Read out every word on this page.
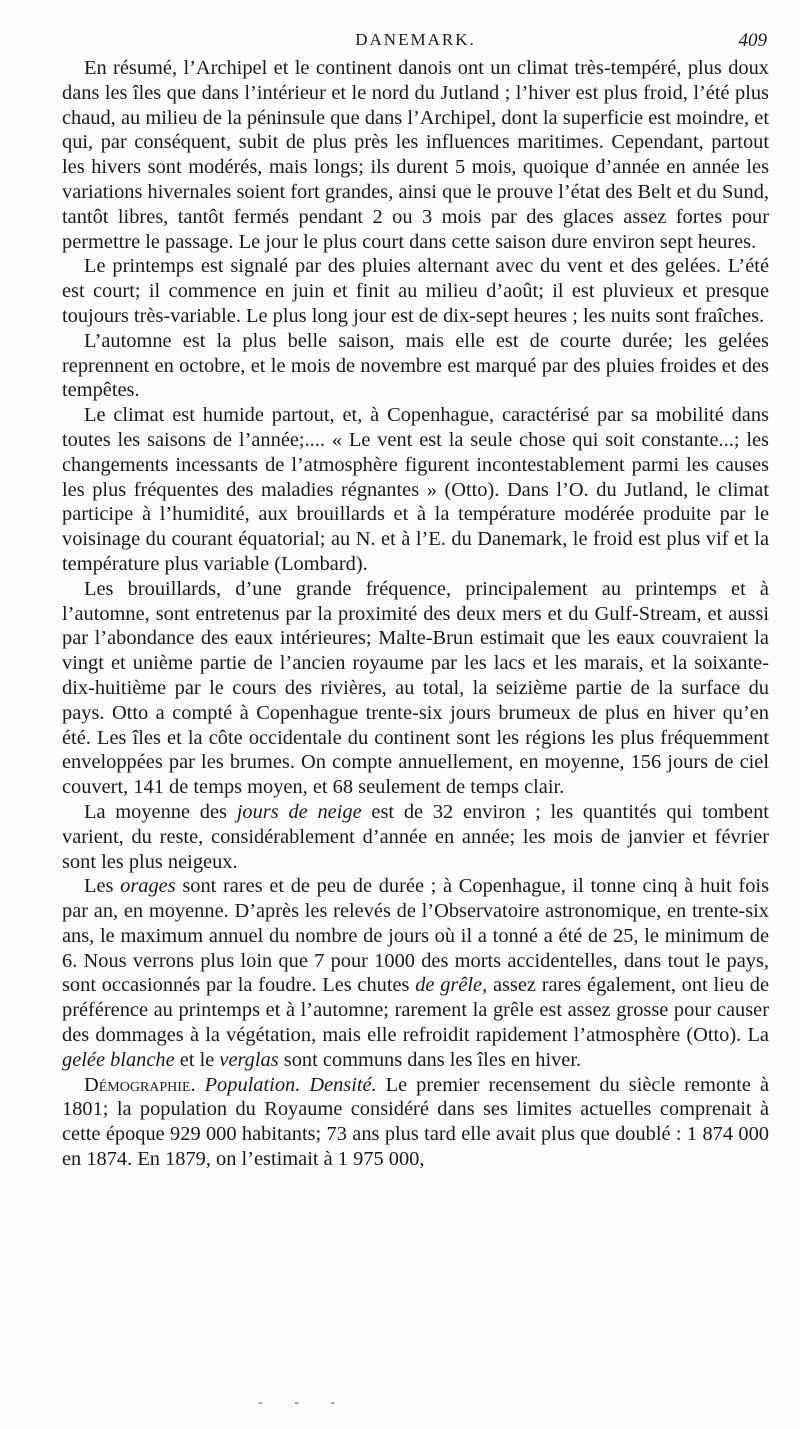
DANEMARK.	409

En résumé, l’Archipel et le continent danois ont un climat très-tempéré, plus doux dans les îles que dans l’intérieur et le nord du Jutland ; l’hiver est plus froid, l’été plus chaud, au milieu de la péninsule que dans l’Archipel, dont la superficie est moindre, et qui, par conséquent, subit de plus près les influences maritimes. Cependant, partout les hivers sont modérés, mais longs; ils durent 5 mois, quoique d’année en année les variations hivernales soient fort grandes, ainsi que le prouve l’état des Belt et du Sund, tantôt libres, tantôt fermés pendant 2 ou 3 mois par des glaces assez fortes pour permettre le passage. Le jour le plus court dans cette saison dure environ sept heures.

Le printemps est signalé par des pluies alternant avec du vent et des gelées. L’été est court; il commence en juin et finit au milieu d’août; il est pluvieux et presque toujours très-variable. Le plus long jour est de dix-sept heures ; les nuits sont fraîches.

L’automne est la plus belle saison, mais elle est de courte durée; les gelées reprennent en octobre, et le mois de novembre est marqué par des pluies froides et des tempêtes.

Le climat est humide partout, et, à Copenhague, caractérisé par sa mobilité dans toutes les saisons de l’année;.... « Le vent est la seule chose qui soit constante...; les changements incessants de l’atmosphère figurent incontestablement parmi les causes les plus fréquentes des maladies régnantes » (Otto). Dans l’O. du Jutland, le climat participe à l’humidité, aux brouillards et à la température modérée produite par le voisinage du courant équatorial; au N. et à l’E. du Danemark, le froid est plus vif et la température plus variable (Lombard).

Les brouillards, d’une grande fréquence, principalement au printemps et à l’automne, sont entretenus par la proximité des deux mers et du Gulf-Stream, et aussi par l’abondance des eaux intérieures; Malte-Brun estimait que les eaux couvraient la vingt et unième partie de l’ancien royaume par les lacs et les marais, et la soixante-dix-huitième par le cours des rivières, au total, la seizième partie de la surface du pays. Otto a compté à Copenhague trente-six jours brumeux de plus en hiver qu’en été. Les îles et la côte occidentale du continent sont les régions les plus fréquemment enveloppées par les brumes. On compte annuellement, en moyenne, 156 jours de ciel couvert, 141 de temps moyen, et 68 seulement de temps clair.

La moyenne des jours de neige est de 32 environ ; les quantités qui tombent varient, du reste, considérablement d’année en année; les mois de janvier et février sont les plus neigeux.

Les orages sont rares et de peu de durée ; à Copenhague, il tonne cinq à huit fois par an, en moyenne. D’après les relevés de l’Observatoire astronomique, en trente-six ans, le maximum annuel du nombre de jours où il a tonné a été de 25, le minimum de 6. Nous verrons plus loin que 7 pour 1000 des morts accidentelles, dans tout le pays, sont occasionnés par la foudre. Les chutes de grêle, assez rares également, ont lieu de préférence au printemps et à l’automne; rarement la grêle est assez grosse pour causer des dommages à la végétation, mais elle refroidit rapidement l’atmosphère (Otto). La gelée blanche et le verglas sont communs dans les îles en hiver.

Démographie. Population. Densité. Le premier recensement du siècle remonte à 1801; la population du Royaume considéré dans ses limites actuelles comprenait à cette époque 929 000 habitants; 73 ans plus tard elle avait plus que doublé : 1 874 000 en 1874. En 1879, on l’estimait à 1 975 000,

- - -
